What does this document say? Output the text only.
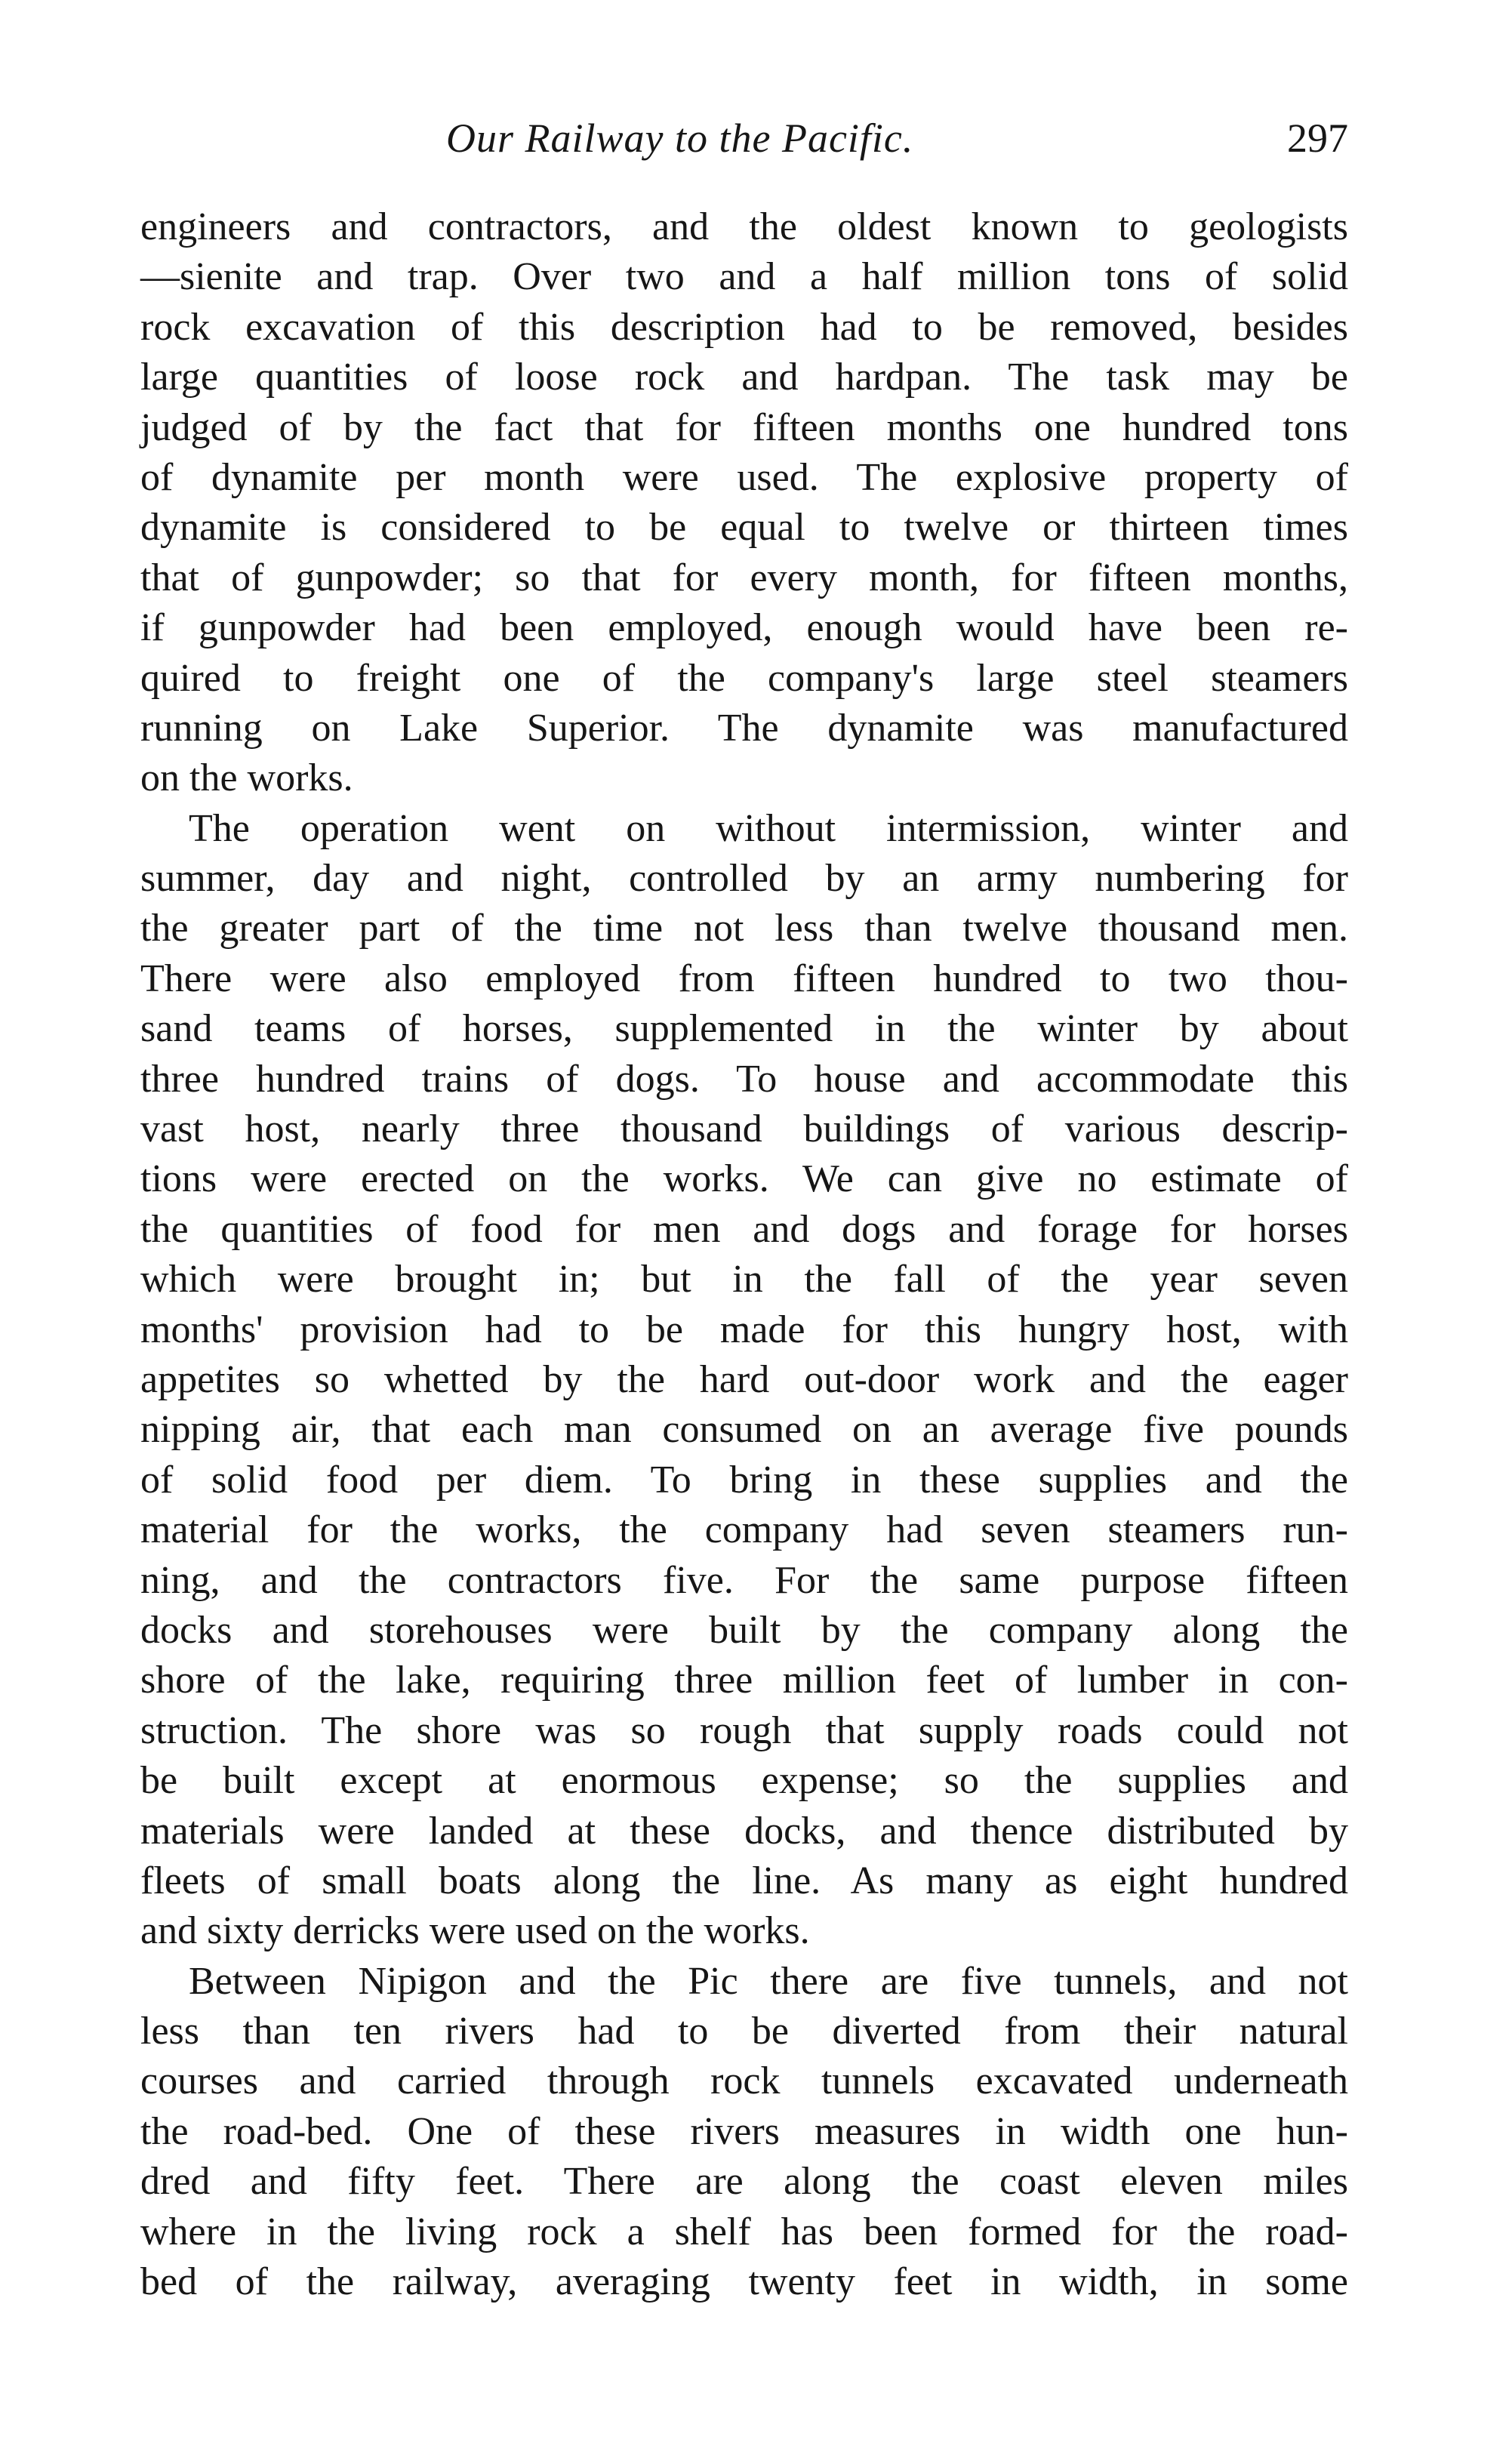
Our Railway to the Pacific.	297
engineers and contractors, and the oldest known to geologists
—sienite and trap. Over two and a half million tons of solid
rock excavation of this description had to be removed, besides
large quantities of loose rock and hardpan. The task may be
judged of by the fact that for fifteen months one hundred tons
of dynamite per month were used. The explosive property of
dynamite is considered to be equal to twelve or thirteen times
that of gunpowder; so that for every month, for fifteen months,
if gunpowder had been employed, enough would have been re-
quired to freight one of the company's large steel steamers
running on Lake Superior. The dynamite was manufactured
on the works.
The operation went on without intermission, winter and
summer, day and night, controlled by an army numbering for
the greater part of the time not less than twelve thousand men.
There were also employed from fifteen hundred to two thou-
sand teams of horses, supplemented in the winter by about
three hundred trains of dogs. To house and accommodate this
vast host, nearly three thousand buildings of various descrip-
tions were erected on the works. We can give no estimate of
the quantities of food for men and dogs and forage for horses
which were brought in; but in the fall of the year seven
months' provision had to be made for this hungry host, with
appetites so whetted by the hard out-door work and the eager
nipping air, that each man consumed on an average five pounds
of solid food per diem. To bring in these supplies and the
material for the works, the company had seven steamers run-
ning, and the contractors five. For the same purpose fifteen
docks and storehouses were built by the company along the
shore of the lake, requiring three million feet of lumber in con-
struction. The shore was so rough that supply roads could not
be built except at enormous expense; so the supplies and
materials were landed at these docks, and thence distributed by
fleets of small boats along the line. As many as eight hundred
and sixty derricks were used on the works.
Between Nipigon and the Pic there are five tunnels, and not
less than ten rivers had to be diverted from their natural
courses and carried through rock tunnels excavated underneath
the road-bed. One of these rivers measures in width one hun-
dred and fifty feet. There are along the coast eleven miles
where in the living rock a shelf has been formed for the road-
bed of the railway, averaging twenty feet in width, in some
